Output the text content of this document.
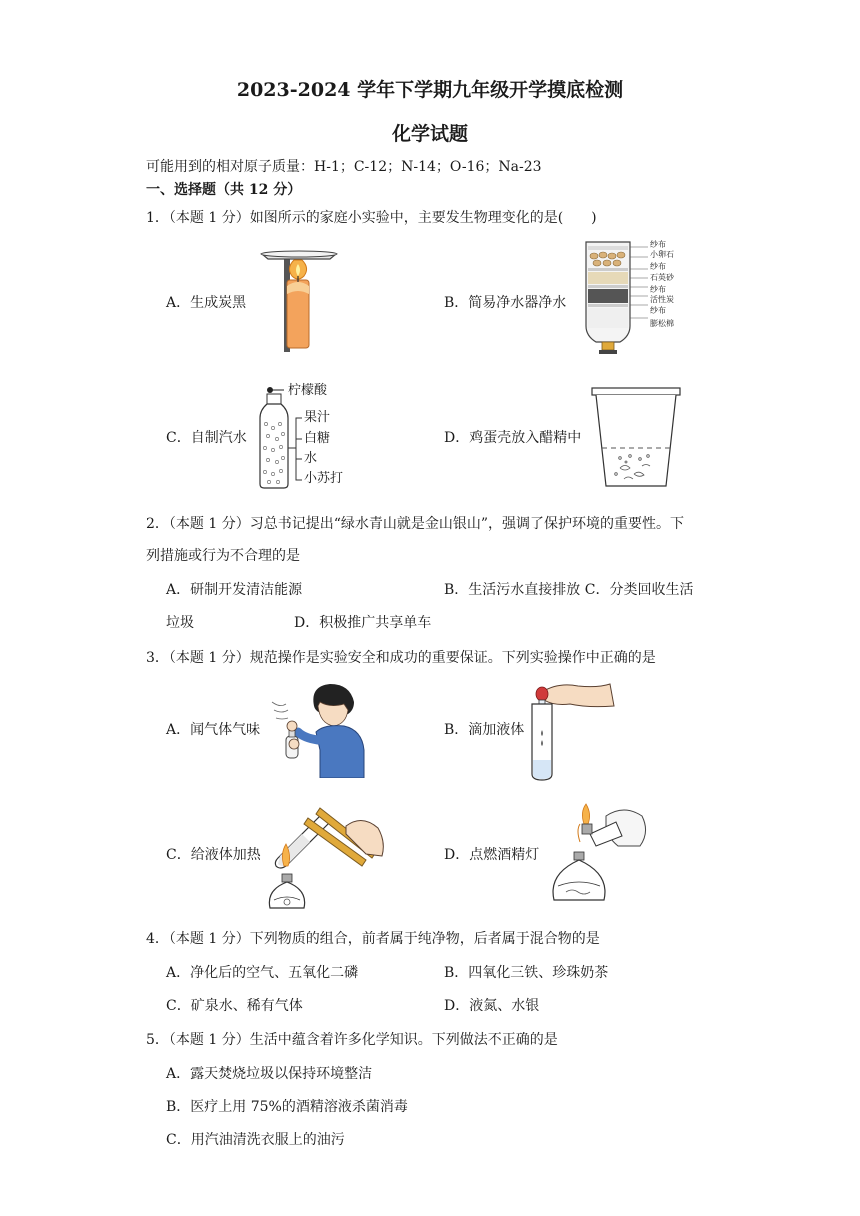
2023-2024 学年下学期九年级开学摸底检测
化学试题
可能用到的相对原子质量：H-1；C-12；N-14；O-16；Na-23
一、选择题（共 12 分）
1．（本题 1 分）如图所示的家庭小实验中，主要发生物理变化的是(　　)
A．生成炭黑	B．简易净水器净水
C．自制汽水	D．鸡蛋壳放入醋精中
纱布
小卵石
纱布
石英砂
纱布
活性炭
纱布
膨松棉
柠檬酸
果汁
白糖
水
小苏打
2．（本题 1 分）习总书记提出“绿水青山就是金山银山”，强调了保护环境的重要性。下
列措施或行为不合理的是
A．研制开发清洁能源	B．生活污水直接排放 C．分类回收生活
垃圾	D．积极推广共享单车
3．（本题 1 分）规范操作是实验安全和成功的重要保证。下列实验操作中正确的是
A．闻气体气味	B．滴加液体
C．给液体加热	D．点燃酒精灯
4．（本题 1 分）下列物质的组合，前者属于纯净物，后者属于混合物的是
A．净化后的空气、五氧化二磷	B．四氧化三铁、珍珠奶茶
C．矿泉水、稀有气体	D．液氮、水银
5．（本题 1 分）生活中蕴含着许多化学知识。下列做法不正确的是
A．露天焚烧垃圾以保持环境整洁
B．医疗上用 75%的酒精溶液杀菌消毒
C．用汽油清洗衣服上的油污
